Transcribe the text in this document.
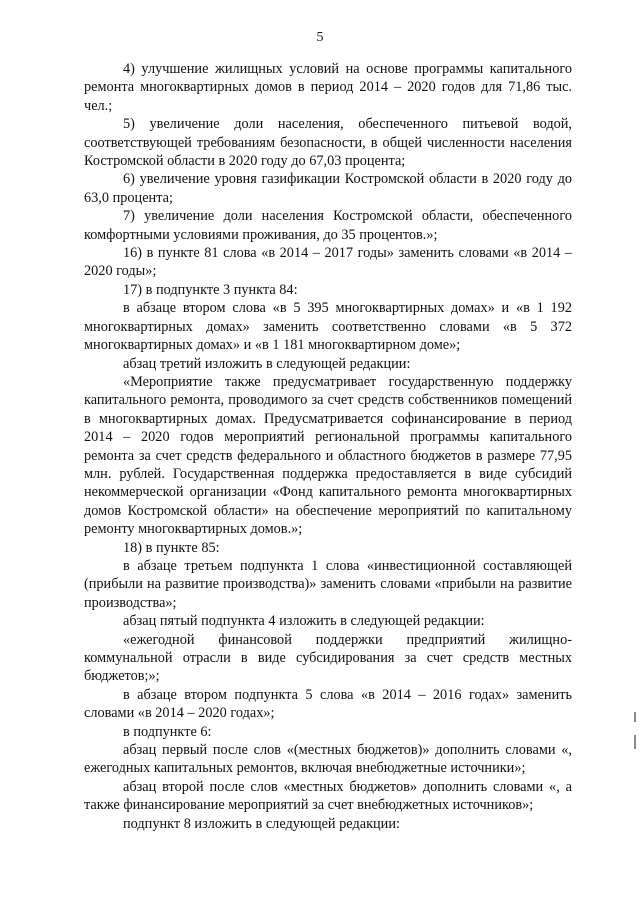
5

4) улучшение жилищных условий на основе программы капитального ремонта многоквартирных домов в период 2014 – 2020 годов для 71,86 тыс. чел.;

5) увеличение доли населения, обеспеченного питьевой водой, соответствующей требованиям безопасности, в общей численности населения Костромской области в 2020 году до 67,03 процента;

6) увеличение уровня газификации Костромской области в 2020 году до 63,0 процента;

7) увеличение доли населения Костромской области, обеспеченного комфортными условиями проживания, до 35 процентов.»;

16) в пункте 81 слова «в 2014 – 2017 годы» заменить словами «в 2014 – 2020 годы»;

17) в подпункте 3 пункта 84:

в абзаце втором слова «в 5 395 многоквартирных домах» и «в 1 192 многоквартирных домах» заменить соответственно словами «в 5 372 многоквартирных домах» и «в 1 181 многоквартирном доме»;

абзац третий изложить в следующей редакции:

«Мероприятие также предусматривает государственную поддержку капитального ремонта, проводимого за счет средств собственников помещений в многоквартирных домах. Предусматривается софинансирование в период 2014 – 2020 годов мероприятий региональной программы капитального ремонта за счет средств федерального и областного бюджетов в размере 77,95 млн. рублей. Государственная поддержка предоставляется в виде субсидий некоммерческой организации «Фонд капитального ремонта многоквартирных домов Костромской области» на обеспечение мероприятий по капитальному ремонту многоквартирных домов.»;

18) в пункте 85:

в абзаце третьем подпункта 1 слова «инвестиционной составляющей (прибыли на развитие производства)» заменить словами «прибыли на развитие производства»;

абзац пятый подпункта 4 изложить в следующей редакции:

«ежегодной финансовой поддержки предприятий жилищно-коммунальной отрасли в виде субсидирования за счет средств местных бюджетов;»;

в абзаце втором подпункта 5 слова «в 2014 – 2016 годах» заменить словами «в 2014 – 2020 годах»;

в подпункте 6:

абзац первый после слов «(местных бюджетов)» дополнить словами «, ежегодных капитальных ремонтов, включая внебюджетные источники»;

абзац второй после слов «местных бюджетов» дополнить словами «, а также финансирование мероприятий за счет внебюджетных источников»;

подпункт 8 изложить в следующей редакции:
